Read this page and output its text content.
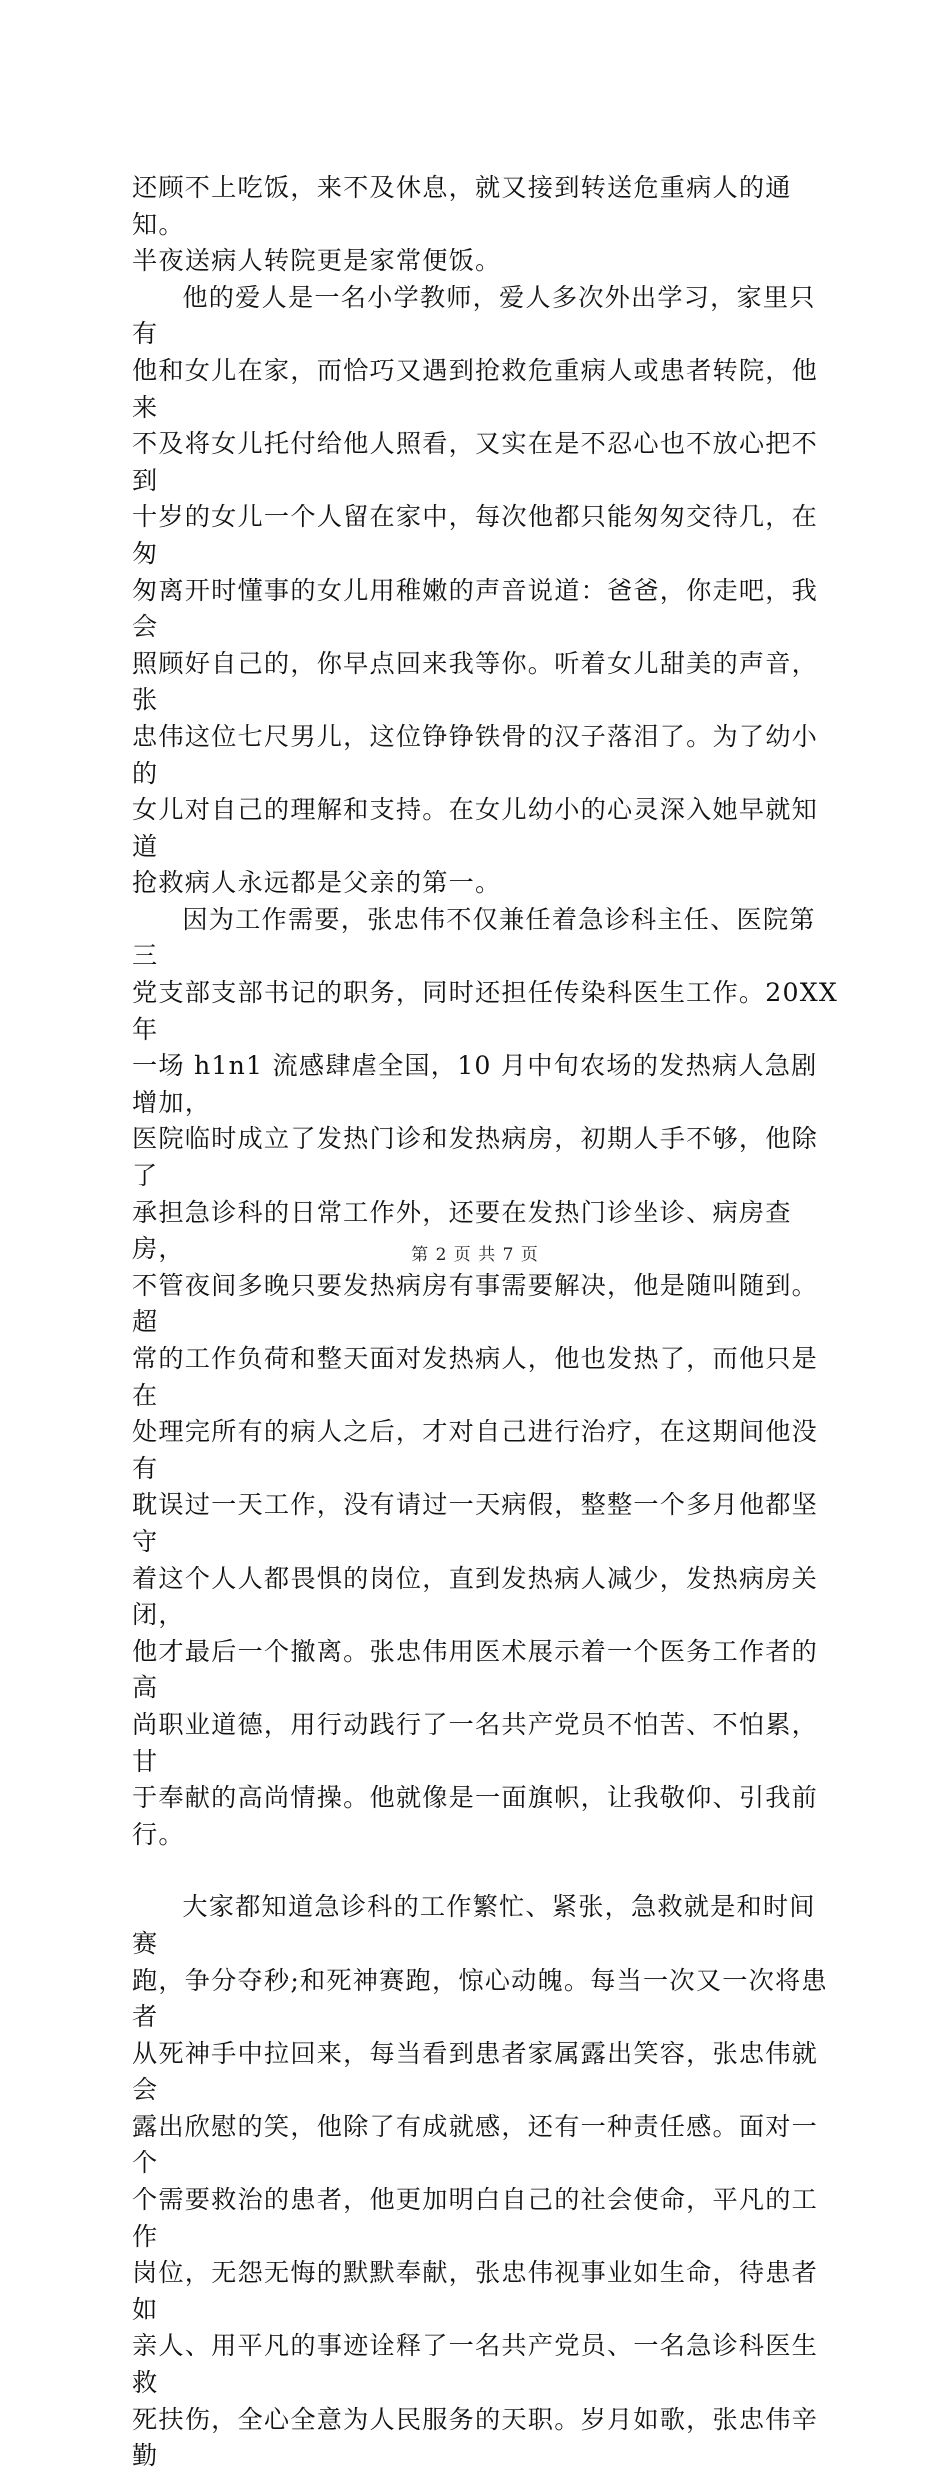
还顾不上吃饭，来不及休息，就又接到转送危重病人的通知。
半夜送病人转院更是家常便饭。

他的爱人是一名小学教师，爱人多次外出学习，家里只有
他和女儿在家，而恰巧又遇到抢救危重病人或患者转院，他来
不及将女儿托付给他人照看，又实在是不忍心也不放心把不到
十岁的女儿一个人留在家中，每次他都只能匆匆交待几，在匆
匆离开时懂事的女儿用稚嫩的声音说道：爸爸，你走吧，我会
照顾好自己的，你早点回来我等你。听着女儿甜美的声音，张
忠伟这位七尺男儿，这位铮铮铁骨的汉子落泪了。为了幼小的
女儿对自己的理解和支持。在女儿幼小的心灵深入她早就知道
抢救病人永远都是父亲的第一。

因为工作需要，张忠伟不仅兼任着急诊科主任、医院第三
党支部支部书记的职务，同时还担任传染科医生工作。20XX 年
一场 h1n1 流感肆虐全国，10 月中旬农场的发热病人急剧增加，
医院临时成立了发热门诊和发热病房，初期人手不够，他除了
承担急诊科的日常工作外，还要在发热门诊坐诊、病房查房，
不管夜间多晚只要发热病房有事需要解决，他是随叫随到。超
常的工作负荷和整天面对发热病人，他也发热了，而他只是在
处理完所有的病人之后，才对自己进行治疗，在这期间他没有
耽误过一天工作，没有请过一天病假，整整一个多月他都坚守
着这个人人都畏惧的岗位，直到发热病人减少，发热病房关闭，
他才最后一个撤离。张忠伟用医术展示着一个医务工作者的高
尚职业道德，用行动践行了一名共产党员不怕苦、不怕累，甘
于奉献的高尚情操。他就像是一面旗帜，让我敬仰、引我前行。

大家都知道急诊科的工作繁忙、紧张，急救就是和时间赛
跑，争分夺秒;和死神赛跑，惊心动魄。每当一次又一次将患者
从死神手中拉回来，每当看到患者家属露出笑容，张忠伟就会
露出欣慰的笑，他除了有成就感，还有一种责任感。面对一个
个需要救治的患者，他更加明白自己的社会使命，平凡的工作
岗位，无怨无悔的默默奉献，张忠伟视事业如生命，待患者如
亲人、用平凡的事迹诠释了一名共产党员、一名急诊科医生救
死扶伤，全心全意为人民服务的天职。岁月如歌，张忠伟辛勤

第 2 页 共 7 页
